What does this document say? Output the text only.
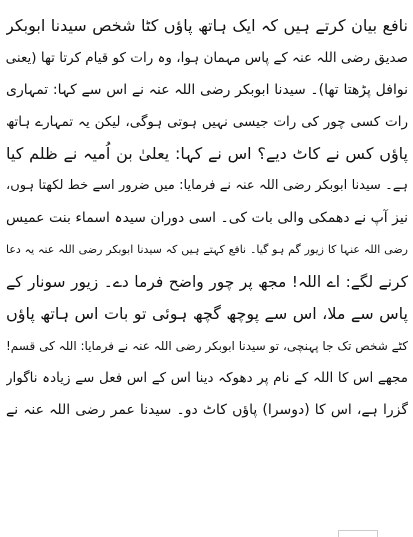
نافع بیان کرتے ہیں کہ ایک ہاتھ پاؤں کٹا شخص سیدنا ابوبکر
صدیق رضی اللہ عنہ کے پاس مہمان ہوا، وہ رات کو قیام کرتا تھا (یعنی
نوافل پڑھتا تھا)۔ سیدنا ابوبکر رضی اللہ عنہ نے اس سے کہا: تمہاری
رات کسی چور کی رات جیسی نہیں ہوتی ہوگی، لیکن یہ تمہارے ہاتھ
پاؤں کس نے کاٹ دیے؟ اس نے کہا: یعلیٰ بن اُمیہ نے ظلم کیا
ہے۔ سیدنا ابوبکر رضی اللہ عنہ نے فرمایا: میں ضرور اسے خط لکھتا ہوں،
نیز آپ نے دھمکی والی بات کی۔ اسی دوران سیدہ اسماء بنت عمیس
رضی اللہ عنہا کا زیور گم ہو گیا۔ نافع کہتے ہیں کہ سیدنا ابوبکر رضی اللہ عنہ یہ دعا
کرنے لگے: اے اللہ! مجھ پر چور واضح فرما دے۔ زیور سونار کے
پاس سے ملا، اس سے پوچھ گچھ ہوئی تو بات اس ہاتھ پاؤں
کٹے شخص تک جا پہنچی، تو سیدنا ابوبکر رضی اللہ عنہ نے فرمایا: اللہ کی قسم!
مجھے اس کا اللہ کے نام پر دھوکہ دینا اس کے اس فعل سے زیادہ ناگوار
گزرا ہے، اس کا (دوسرا) پاؤں کاٹ دو۔ سیدنا عمر رضی اللہ عنہ نے
